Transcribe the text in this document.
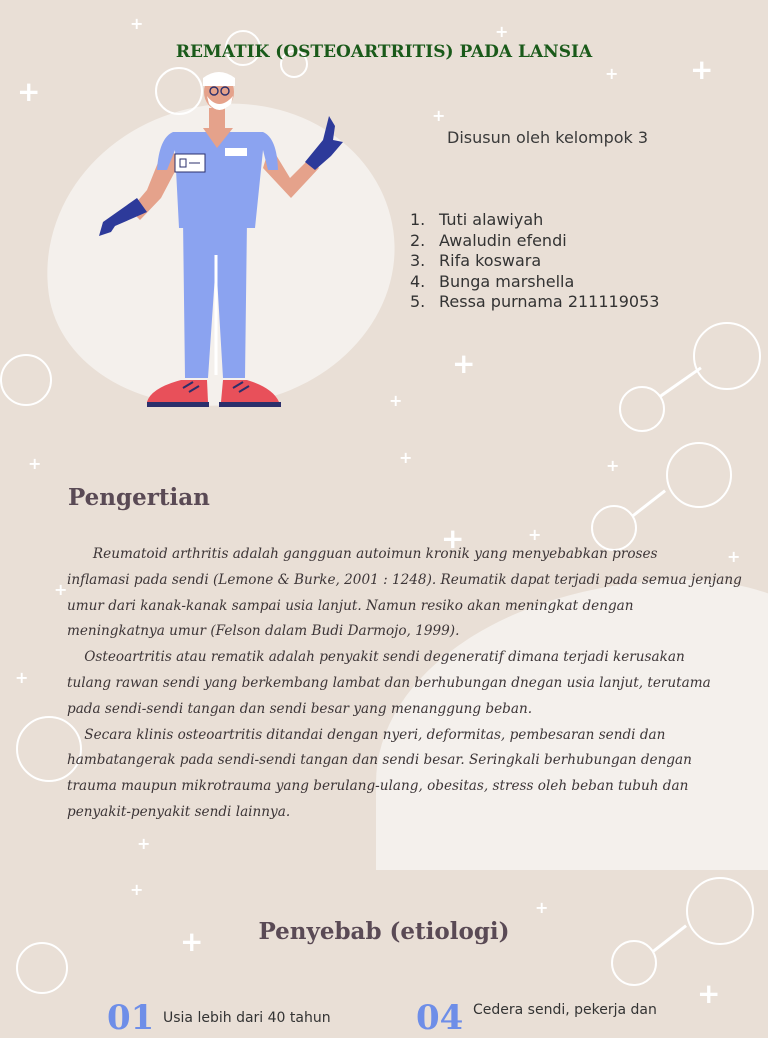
+
+
+
+	+
+
+
+
+
+	+
+	+
+
+
+
+
+
+
+
+
REMATIK (OSTEOARTRITIS) PADA LANSIA
Disusun oleh kelompok 3
1. Tuti alawiyah
2. Awaludin efendi
3. Rifa koswara
4. Bunga marshella
5. Ressa purnama 211119053
Pengertian

Reumatoid arthritis adalah gangguan autoimun kronik yang menyebabkan proses

inflamasi pada sendi (Lemone & Burke, 2001 : 1248). Reumatik dapat terjadi pada semua jenjang

umur dari kanak-kanak sampai usia lanjut. Namun resiko akan meningkat dengan

meningkatnya umur (Felson dalam Budi Darmojo, 1999).

Osteoartritis atau rematik adalah penyakit sendi degeneratif dimana terjadi kerusakan

tulang rawan sendi yang berkembang lambat dan berhubungan dnegan usia lanjut, terutama

pada sendi-sendi tangan dan sendi besar yang menanggung beban.

Secara klinis osteoartritis ditandai dengan nyeri, deformitas, pembesaran sendi dan

hambatangerak pada sendi-sendi tangan dan sendi besar. Seringkali berhubungan dengan

trauma maupun mikrotrauma yang berulang-ulang, obesitas, stress oleh beban tubuh dan

penyakit-penyakit sendi lainnya.

Penyebab (etiologi)
01 Usia lebih dari 40 tahun	04 Cedera sendi, pekerja dan
